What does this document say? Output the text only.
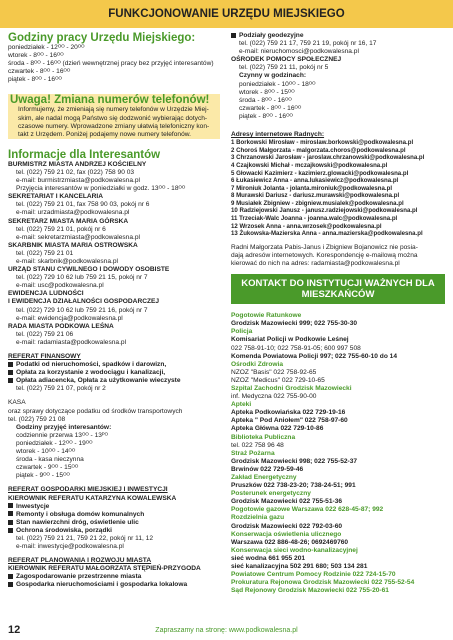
FUNKCJONOWANIE URZĘDU MIEJSKIEGO
Godziny pracy Urzędu Miejskiego:
poniedziałek - 12ᴼᴼ - 20ᴼᴼ
wtorek - 8ᴼᴼ - 16ᴼᴼ
środa - 8ᴼᴼ - 16ᴼᴼ (dzień wewnętrznej pracy bez przyjęć interesantów)
czwartek - 8ᴼᴼ - 16ᴼᴼ
piątek - 8ᴼᴼ - 16ᴼᴼ
Uwaga! Zmiana numerów telefonów!
Informujemy, że zmieniają się numery telefonów w Urzędzie Miej-
skim, ale nadal mogą Państwo się dodzwonić wybierając dotych-
czasowe numery. Wprowadzone zmiany ułatwią telefoniczny kon-
takt z Urzędem. Poniżej podajemy nowe numery telefonów.
Informacje dla Interesantów
BURMISTRZ MIASTA ANDRZEJ KOŚCIELNY
tel. (022) 759 21 02, fax (022) 758 90 03
e-mail: burmistrzmiasta@podkowalesna.pl
Przyjęcia interesantów w poniedziałki w godz. 13ᴼᴼ - 18ᴼᴼ
SEKRETARIAT I KANCELARIA
tel. (022) 759 21 01, fax 758 90 03, pokój nr 6
e-mail: urzadmiasta@podkowalesna.pl
SEKRETARZ MIASTA MARIA GÓRSKA
tel. (022) 759 21 01, pokój nr 6
e-mail: sekretarzmiasta@podkowalesna.pl
SKARBNIK MIASTA MARIA OSTROWSKA
tel. (022) 759 21 01
e-mail: skarbnik@podkowalesna.pl
URZĄD STANU CYWILNEGO I DOWODY OSOBISTE
tel. (022) 729 10 62 lub 759 21 15, pokój nr 7
e-mail: usc@podkowalesna.pl
EWIDENCJA LUDNOŚCI
I EWIDENCJA DZIAŁALNOŚCI GOSPODARCZEJ
tel. (022) 729 10 62 lub 759 21 16, pokój nr 7
e-mail: ewidencja@podkowalesna.pl
RADA MIASTA PODKOWA LEŚNA
tel. (022) 759 21 06
e-mail: radamiasta@podkowalesna.pl
REFERAT FINANSOWY
Podatki od nieruchomości, spadków i darowizn,
Opłata za korzystanie z wodociągu i kanalizacji,
Opłata adiacencka, Opłata za użytkowanie wieczyste
tel. (022) 759 21 07, pokój nr 2
KASA
oraz sprawy dotyczące podatku od środków transportowych
tel. (022) 759 21 08
Godziny przyjęć interesantów:
codziennie przerwa 13ᴼᴼ - 13ᴾᴼ
poniedziałek - 12ᴼᴼ - 19ᴼᴼ
wtorek - 10ᴼᴼ - 14ᴼᴼ
środa - kasa nieczynna
czwartek - 9ᴼᴼ - 15ᴼᴼ
piątek - 9ᴼᴼ - 15ᴼᴼ
REFERAT GOSPODARKI MIEJSKIEJ I INWESTYCJI
KIEROWNIK REFERATU KATARZYNA KOWALEWSKA
Inwestycje
Remonty i obsługa domów komunalnych
Stan nawierzchni dróg, oświetlenie ulic
Ochrona środowiska, porządki
tel. (022) 759 21 21, 759 21 22, pokój nr 11, 12
e-mail: inwestycje@podkowalesna.pl
REFERAT PLANOWANIA I ROZWOJU MIASTA
KIEROWNIK REFERATU MAŁGORZATA STĘPIEŃ-PRZYGODA
Zagospodarowanie przestrzenne miasta
Gospodarka nieruchomościami i gospodarka lokalowa
Podziały geodezyjne
tel. (022) 759 21 17, 759 21 19, pokój nr 16, 17
e-mail: nieruchomosci@podkowalesna.pl
OŚRODEK POMOCY SPOŁECZNEJ
tel. (022) 759 21 11, pokój nr 5
Czynny w godzinach:
poniedziałek - 10ᴼᴼ - 18ᴼᴼ
wtorek - 8ᴼᴼ - 15ᴼᴼ
środa - 8ᴼᴼ - 16ᴼᴼ
czwartek - 8ᴼᴼ - 16ᴼᴼ
piątek - 8ᴼᴼ - 16ᴼᴼ
Adresy internetowe Radnych:
1 Borkowski Mirosław - miroslaw.borkowski@podkowalesna.pl
2 Choroś Małgorzata - malgorzata.choros@podkowalesna.pl
3 Chrzanowski Jarosław - jaroslaw.chrzanowski@podkowalesna.pl
4 Czajkowski Michał - mczajkowski@podkowalesna.pl
5 Głowacki Kazimierz - kazimierz.glowacki@podkowalesna.pl
6 Łukasiewicz Anna - anna.lukasiewicz@podkowalesna.pl
7 Mironiuk Jolanta - jolanta.mironiuk@podkowalesna.pl
8 Murawski Dariusz - dariusz.murawski@podkowalesna.pl
9 Musiałek Zbigniew - zbigniew.musialek@podkowalesna.pl
10 Radziejowski Janusz - janusz.radziejowski@podkowalesna.pl
11 Trzeciak-Walc Joanna - joanna.walc@podkowalesna.pl
12 Wrzosek Anna - anna.wrzosek@podkowalesna.pl
13 Żukowska-Mazierska Anna - anna.mazierska@podkowalesna.pl
Radni Małgorzata Pabis-Janus i Zbigniew Bojanowicz nie posia-
dają adresów internetowych. Korespondencję e-mailową można
kierować do nich na adres: radamiasta@podkowalesna.pl
KONTAKT DO INSTYTUCJI WAŻNYCH DLA MIESZKAŃCÓW
Pogotowie Ratunkowe
Grodzisk Mazowiecki 999; 022 755-30-30
Policja
Komisariat Policji w Podkowie Leśnej
022 758-91-10; 022 758-91-05; 600 997 508
Komenda Powiatowa Policji 997; 022 755-60-10 do 14
Ośrodki Zdrowia
NZOZ "Basis" 022 758-92-65
NZOZ "Medicus" 022 729-10-65
Szpital Zachodni Grodzisk Mazowiecki
inf. Medyczna 022 755-90-00
Apteki
Apteka Podkowiańska 022 729-19-16
Apteka " Pod Aniołem" 022 758-97-60
Apteka Główna 022 729-10-86
Biblioteka Publiczna
tel. 022 758 96 48
Straż Pożarna
Grodzisk Mazowiecki 998; 022 755-52-37
Brwinów 022 729-59-46
Zakład Energetyczny
Pruszków 022 738-23-20; 738-24-51; 991
Posterunek energetyczny
Grodzisk Mazowiecki 022 755-51-36
Pogotowie gazowe Warszawa 022 628-45-87; 992
Rozdzielnia gazu
Grodzisk Mazowiecki 022 792-03-60
Konserwacja oświetlenia ulicznego
Warszawa 022 886-48-26; 0692469760
Konserwacja sieci wodno-kanalizacyjnej
sieć wodna 661 955 201
sieć kanalizacyjna 502 291 680; 503 134 281
Powiatowe Centrum Pomocy Rodzinie 022 724-15-70
Prokuratura Rejonowa Grodzisk Mazowiecki 022 755-52-54
Sąd Rejonowy Grodzisk Mazowiecki 022 755-20-61
12	Zapraszamy na stronę: www.podkowalesna.pl
